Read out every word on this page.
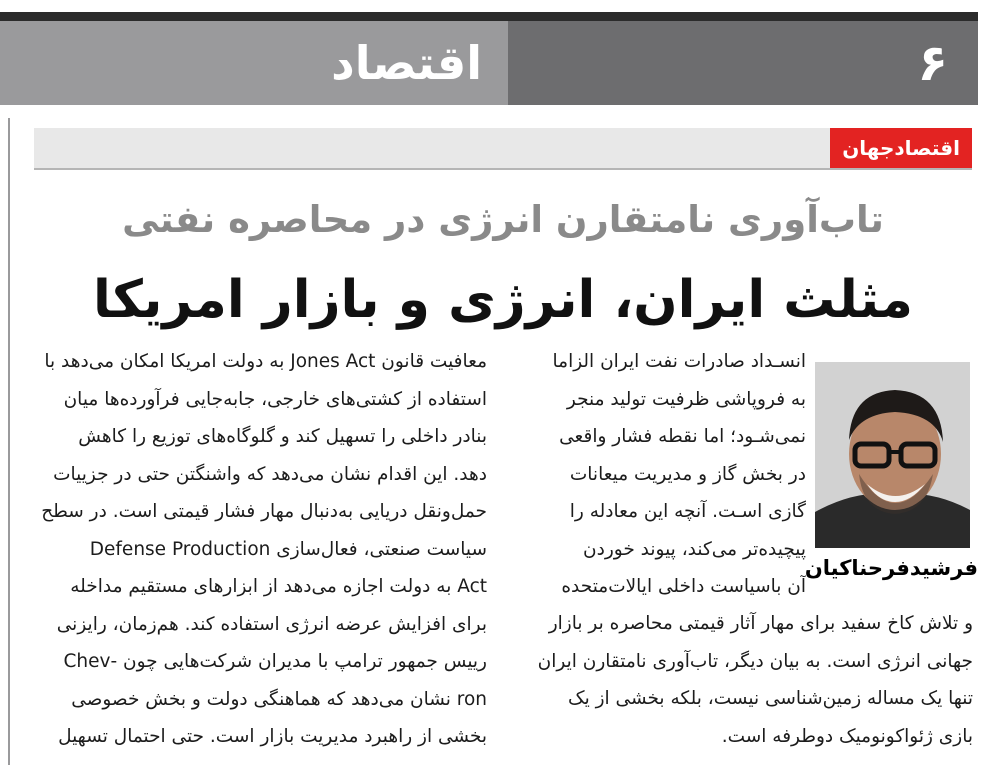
۶
اقتصاد
اقتصادجهان
تاب‌آوری نامتقارن انرژی در محاصره نفتی
مثلث ایران، انرژی و بازار امریکا
فرشیدفرحناکیان
انسـداد صادرات نفت ایران الزاما
به فروپاشی ظرفیت تولید منجر
نمی‌شـود؛ اما نقطه فشار واقعی
در بخش گاز و مدیریت میعانات
گازی اسـت. آنچه این معادله را
پیچیده‌تر می‌کند، پیوند خوردن
آن باسیاست داخلی ایالات‌متحده
و تلاش کاخ سفید برای مهار آثار قیمتی محاصره بر بازار
جهانی انرژی است. به بیان دیگر، تاب‌آوری نامتقارن ایران
تنها یک مساله زمین‌شناسی نیست، بلکه بخشی از یک
بازی ژئواکونومیک دوطرفه است.
معافیت قانون Jones Act به دولت امریکا امکان می‌دهد با
استفاده از کشتی‌های خارجی، جابه‌جایی فرآورده‌ها میان
بنادر داخلی را تسهیل کند و گلوگاه‌های توزیع را کاهش
دهد. این اقدام نشان می‌دهد که واشنگتن حتی در جزییات
حمل‌ونقل دریایی به‌دنبال مهار فشار قیمتی است. در سطح
سیاست صنعتی، فعال‌سازی Defense Production
Act به دولت اجازه می‌دهد از ابزارهای مستقیم مداخله
برای افزایش عرضه انرژی استفاده کند. هم‌زمان، رایزنی
رییس جمهور ترامپ با مدیران شرکت‌هایی چون -Chev
ron نشان می‌دهد که هماهنگی دولت و بخش خصوصی
بخشی از راهبرد مدیریت بازار است. حتی احتمال تسهیل
